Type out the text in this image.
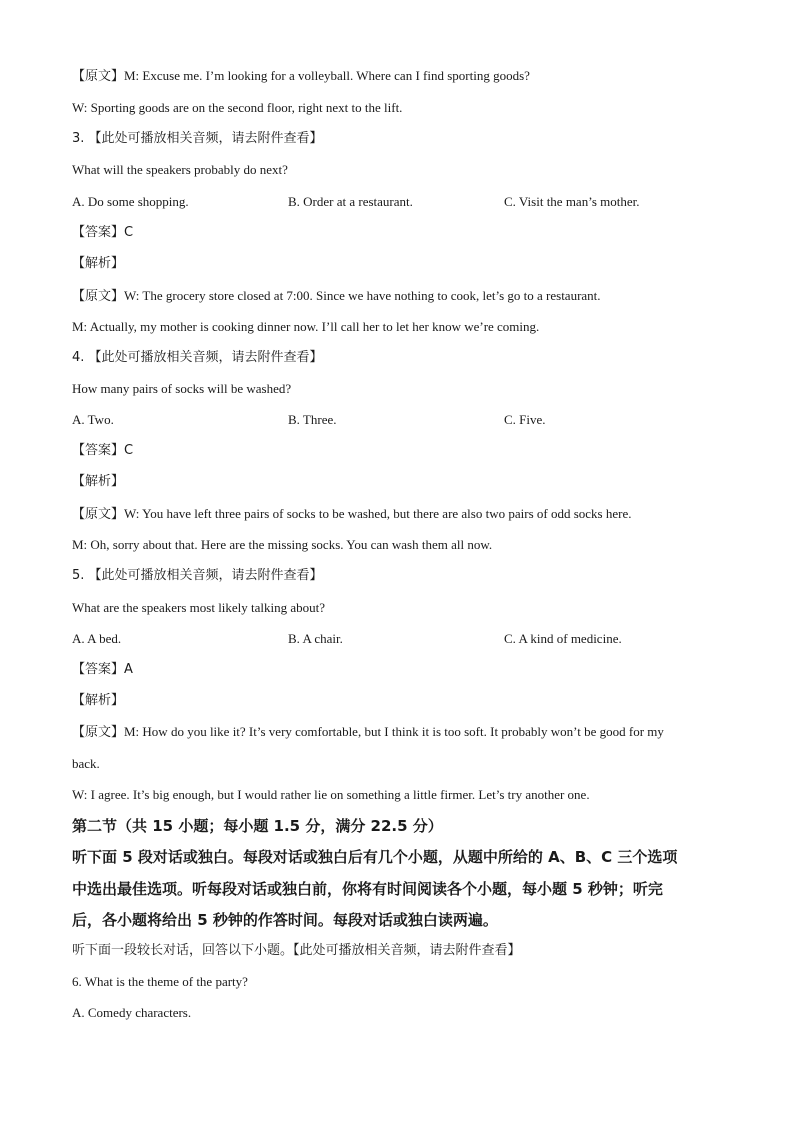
【原文】M: Excuse me. I’m looking for a volleyball. Where can I find sporting goods?
W: Sporting goods are on the second floor, right next to the lift.
3. 【此处可播放相关音频，请去附件查看】
What will the speakers probably do next?
A. Do some shopping.	B. Order at a restaurant.	C. Visit the man’s mother.
【答案】C
【解析】
【原文】W: The grocery store closed at 7:00. Since we have nothing to cook, let’s go to a restaurant.
M: Actually, my mother is cooking dinner now. I’ll call her to let her know we’re coming.
4. 【此处可播放相关音频，请去附件查看】
How many pairs of socks will be washed?
A. Two.	B. Three.	C. Five.
【答案】C
【解析】
【原文】W: You have left three pairs of socks to be washed, but there are also two pairs of odd socks here.
M: Oh, sorry about that. Here are the missing socks. You can wash them all now.
5. 【此处可播放相关音频，请去附件查看】
What are the speakers most likely talking about?
A. A bed.	B. A chair.	C. A kind of medicine.
【答案】A
【解析】
【原文】M: How do you like it? It’s very comfortable, but I think it is too soft. It probably won’t be good for my
back.
W: I agree. It’s big enough, but I would rather lie on something a little firmer. Let’s try another one.
第二节（共 15 小题；每小题 1.5 分，满分 22.5 分）
听下面 5 段对话或独白。每段对话或独白后有几个小题，从题中所给的 A、B、C 三个选项
中选出最佳选项。听每段对话或独白前，你将有时间阅读各个小题，每小题 5 秒钟；听完
后，各小题将给出 5 秒钟的作答时间。每段对话或独白读两遍。
听下面一段较长对话，回答以下小题。【此处可播放相关音频，请去附件查看】
6. What is the theme of the party?
A. Comedy characters.
